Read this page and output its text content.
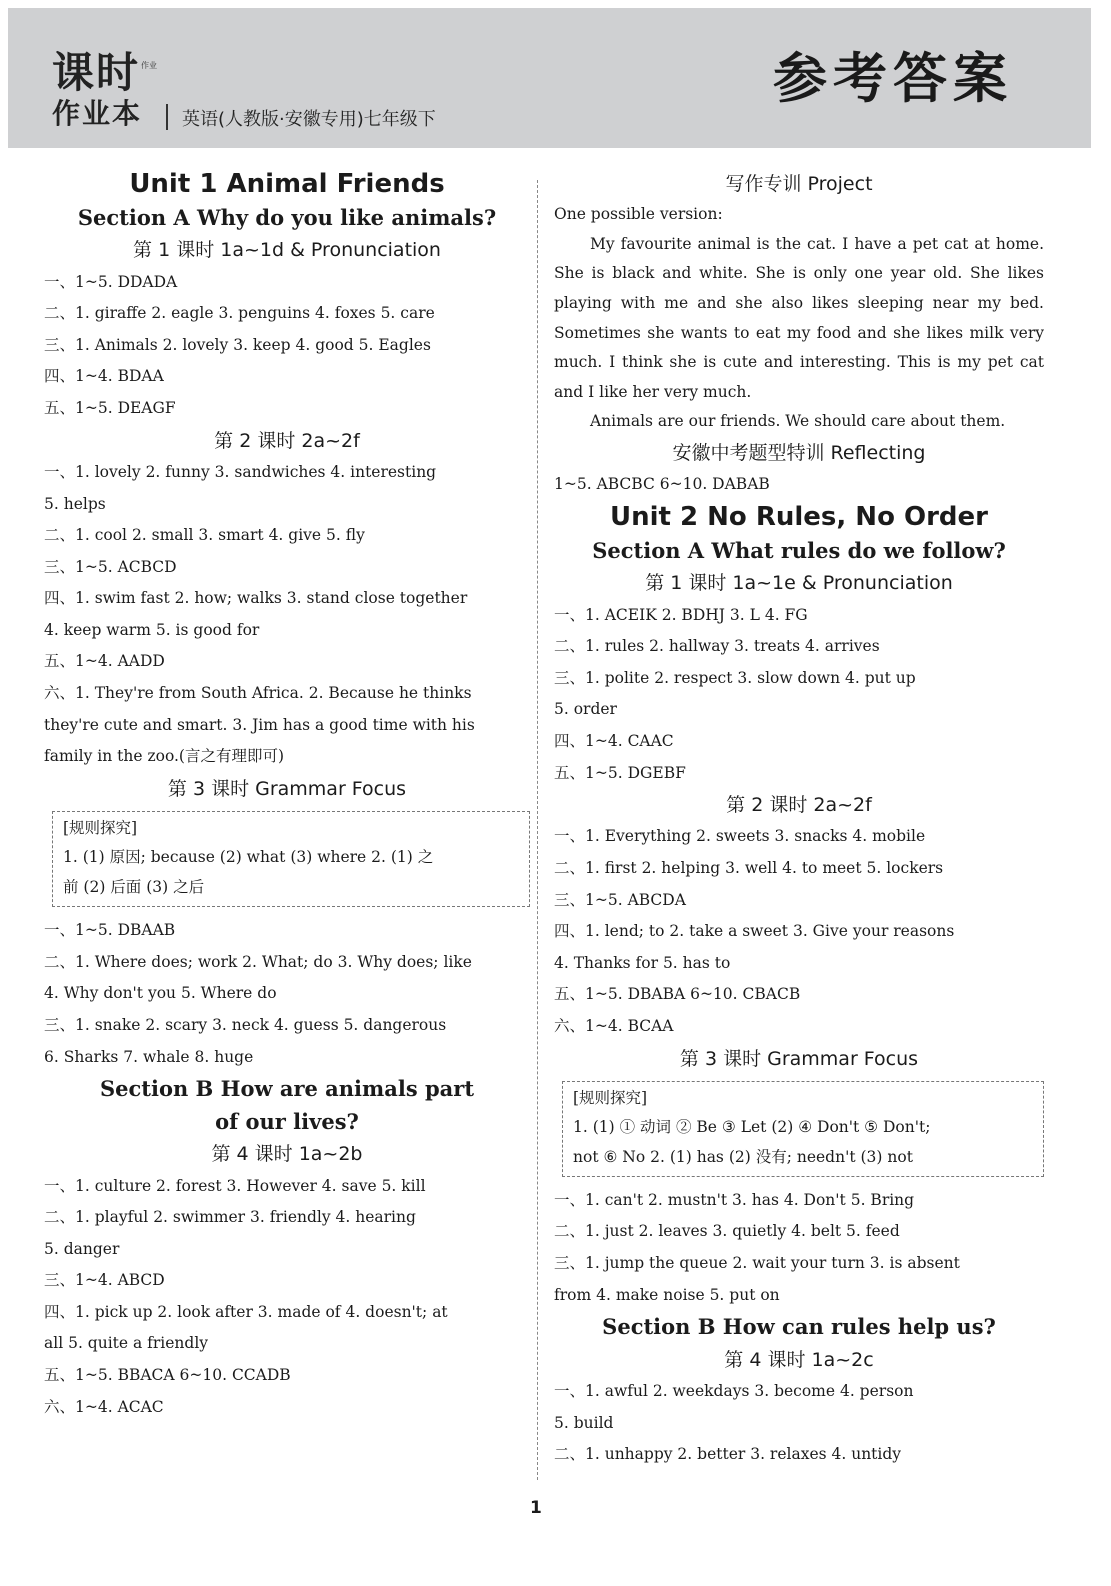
课时 作业
作业本 英语(人教版·安徽专用)七年级下
参考答案

Unit 1 Animal Friends

Section A Why do you like animals?

第 1 课时 1a~1d & Pronunciation

一、1~5. DDADA

二、1. giraffe 2. eagle 3. penguins 4. foxes 5. care

三、1. Animals 2. lovely 3. keep 4. good 5. Eagles

四、1~4. BDAA

五、1~5. DEAGF

第 2 课时 2a~2f

一、1. lovely 2. funny 3. sandwiches 4. interesting

5. helps

二、1. cool 2. small 3. smart 4. give 5. fly

三、1~5. ACBCD

四、1. swim fast 2. how; walks 3. stand close together

4. keep warm 5. is good for

五、1~4. AADD

六、1. They're from South Africa. 2. Because he thinks

they're cute and smart. 3. Jim has a good time with his

family in the zoo.(言之有理即可)

第 3 课时 Grammar Focus

[规则探究]
1. (1) 原因; because (2) what (3) where 2. (1) 之
前 (2) 后面 (3) 之后

一、1~5. DBAAB

二、1. Where does; work 2. What; do 3. Why does; like

4. Why don't you 5. Where do

三、1. snake 2. scary 3. neck 4. guess 5. dangerous

6. Sharks 7. whale 8. huge

Section B How are animals part

of our lives?

第 4 课时 1a~2b

一、1. culture 2. forest 3. However 4. save 5. kill

二、1. playful 2. swimmer 3. friendly 4. hearing

5. danger

三、1~4. ABCD

四、1. pick up 2. look after 3. made of 4. doesn't; at

all 5. quite a friendly

五、1~5. BBACA 6~10. CCADB

六、1~4. ACAC

写作专训 Project

One possible version:

My favourite animal is the cat. I have a pet cat at home. She is black and white. She is only one year old. She likes playing with me and she also likes sleeping near my bed. Sometimes she wants to eat my food and she likes milk very much. I think she is cute and interesting. This is my pet cat and I like her very much.

Animals are our friends. We should care about them.

安徽中考题型特训 Reflecting

1~5. ABCBC 6~10. DABAB

Unit 2 No Rules, No Order

Section A What rules do we follow?

第 1 课时 1a~1e & Pronunciation

一、1. ACEIK 2. BDHJ 3. L 4. FG

二、1. rules 2. hallway 3. treats 4. arrives

三、1. polite 2. respect 3. slow down 4. put up

5. order

四、1~4. CAAC

五、1~5. DGEBF

第 2 课时 2a~2f

一、1. Everything 2. sweets 3. snacks 4. mobile

二、1. first 2. helping 3. well 4. to meet 5. lockers

三、1~5. ABCDA

四、1. lend; to 2. take a sweet 3. Give your reasons

4. Thanks for 5. has to

五、1~5. DBABA 6~10. CBACB

六、1~4. BCAA

第 3 课时 Grammar Focus

[规则探究]
1. (1) ① 动词 ② Be ③ Let (2) ④ Don't ⑤ Don't;
not ⑥ No 2. (1) has (2) 没有; needn't (3) not

一、1. can't 2. mustn't 3. has 4. Don't 5. Bring

二、1. just 2. leaves 3. quietly 4. belt 5. feed

三、1. jump the queue 2. wait your turn 3. is absent

from 4. make noise 5. put on

Section B How can rules help us?

第 4 课时 1a~2c

一、1. awful 2. weekdays 3. become 4. person

5. build

二、1. unhappy 2. better 3. relaxes 4. untidy

1
